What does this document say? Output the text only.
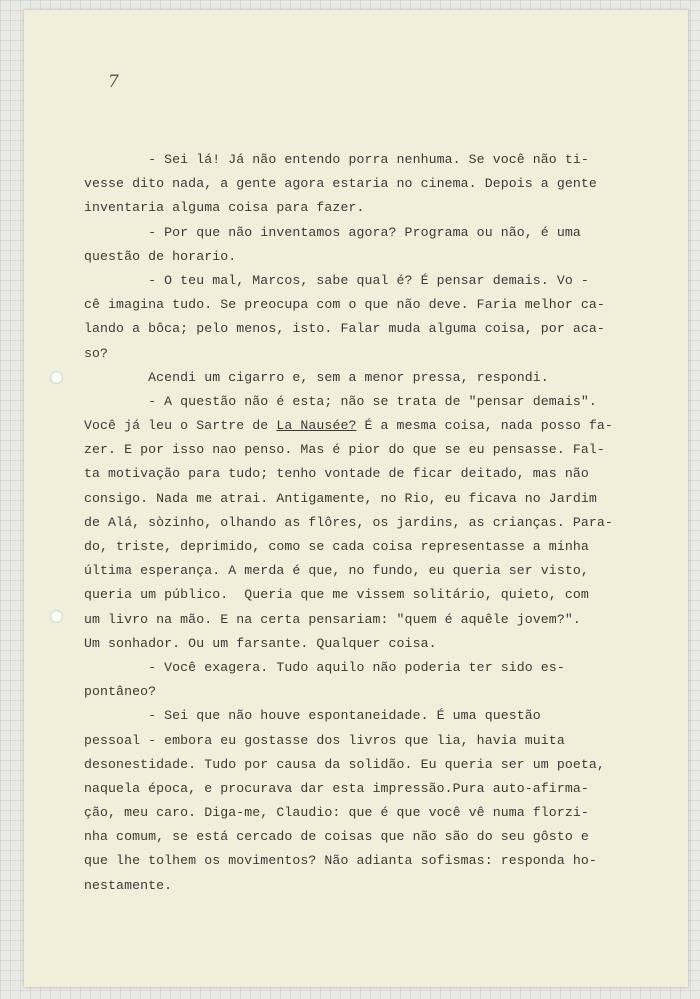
7
- Sei lá! Já não entendo porra nenhuma. Se você não ti-
vesse dito nada, a gente agora estaria no cinema. Depois a gente
inventaria alguma coisa para fazer.
- Por que não inventamos agora? Programa ou não, é uma
questão de horario.
- O teu mal, Marcos, sabe qual é? É pensar demais. Vo -
cê imagina tudo. Se preocupa com o que não deve. Faria melhor ca-
lando a bôca; pelo menos, isto. Falar muda alguma coisa, por aca-
so?
Acendi um cigarro e, sem a menor pressa, respondi.
- A questão não é esta; não se trata de "pensar demais".
Você já leu o Sartre de La Nausée? É a mesma coisa, nada posso fa-
zer. E por isso nao penso. Mas é pior do que se eu pensasse. Fal-
ta motivação para tudo; tenho vontade de ficar deitado, mas não
consigo. Nada me atrai. Antigamente, no Rio, eu ficava no Jardim
de Alá, sòzinho, olhando as flôres, os jardins, as crianças. Para-
do, triste, deprimido, como se cada coisa representasse a minha
última esperança. A merda é que, no fundo, eu queria ser visto,
queria um público.  Queria que me vissem solitário, quieto, com
um livro na mão. E na certa pensariam: "quem é aquêle jovem?".
Um sonhador. Ou um farsante. Qualquer coisa.
- Você exagera. Tudo aquilo não poderia ter sido es-
pontâneo?
- Sei que não houve espontaneidade. É uma questão
pessoal - embora eu gostasse dos livros que lia, havia muita
desonestidade. Tudo por causa da solidão. Eu queria ser um poeta,
naquela época, e procurava dar esta impressão.Pura auto-afirma-
ção, meu caro. Diga-me, Claudio: que é que você vê numa florzi-
nha comum, se está cercado de coisas que não são do seu gôsto e
que lhe tolhem os movimentos? Não adianta sofismas: responda ho-
nestamente.
